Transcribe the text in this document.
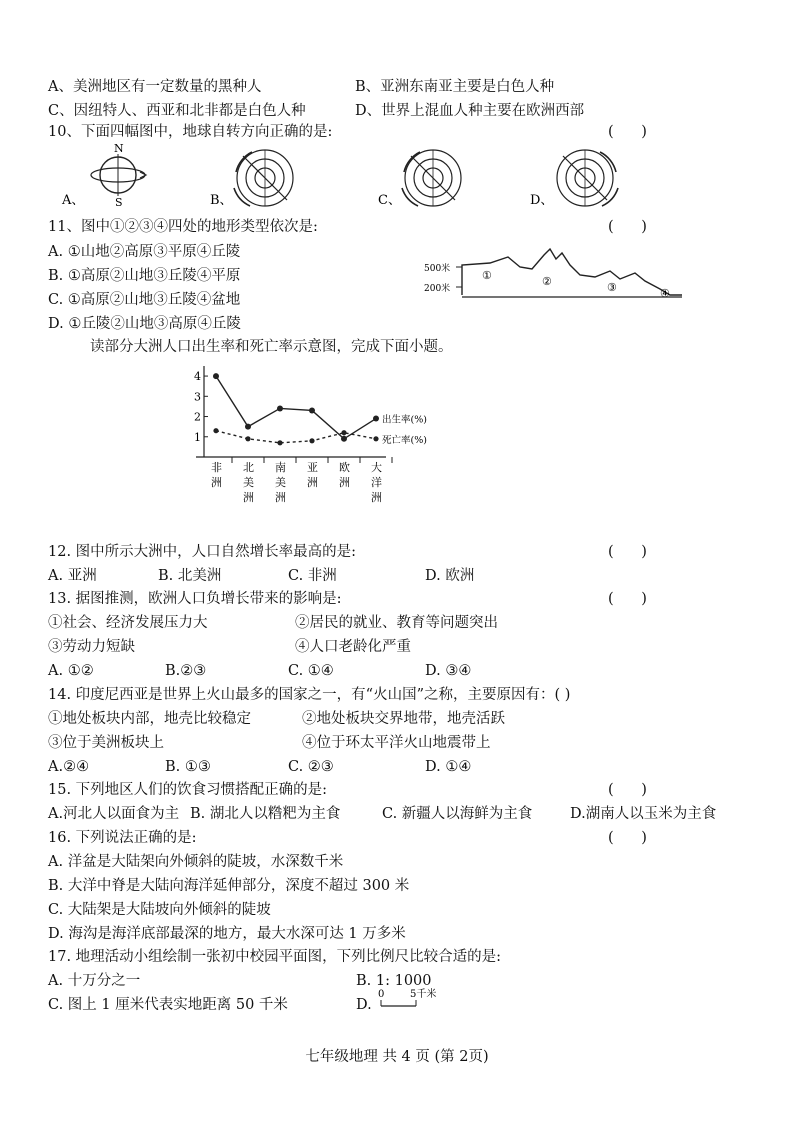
A、美洲地区有一定数量的黑种人	B、亚洲东南亚主要是白色人种
C、因纽特人、西亚和北非都是白色人种	D、世界上混血人种主要在欧洲西部
10、下面四幅图中，地球自转方向正确的是:	(      )
A、
N
S	B、	C、	D、
11、图中①②③④四处的地形类型依次是:	(      )
A. ①山地②高原③平原④丘陵
B. ①高原②山地③丘陵④平原
C. ①高原②山地③丘陵④盆地
D. ①丘陵②山地③高原④丘陵
500米
200米
①	②	③	④
读部分大洲人口出生率和死亡率示意图，完成下面小题。
1
2
3
4
非
洲
北
美
洲
南
美
洲
亚
洲
欧
洲
大
洋
洲
出生率(%)
死亡率(%)
12. 图中所示大洲中，人口自然增长率最高的是:	(      )
A. 亚洲	B. 北美洲	C. 非洲	D. 欧洲
13. 据图推测，欧洲人口负增长带来的影响是:	(      )
①社会、经济发展压力大	②居民的就业、教育等问题突出
③劳动力短缺	④人口老龄化严重
A. ①②	B.②③	C. ①④	D. ③④
14. 印度尼西亚是世界上火山最多的国家之一，有“火山国”之称，主要原因有：( )
①地处板块内部，地壳比较稳定	②地处板块交界地带，地壳活跃
③位于美洲板块上	④位于环太平洋火山地震带上
A.②④	B. ①③	C. ②③	D. ①④
15. 下列地区人们的饮食习惯搭配正确的是:	(      )
A.河北人以面食为主 B. 湖北人以糌粑为主食	C. 新疆人以海鲜为主食	D.湖南人以玉米为主食
16. 下列说法正确的是:	(      )
A. 洋盆是大陆架向外倾斜的陡坡，水深数千米
B. 大洋中脊是大陆向海洋延伸部分，深度不超过 300 米
C. 大陆架是大陆坡向外倾斜的陡坡
D. 海沟是海洋底部最深的地方，最大水深可达 1 万多米
17. 地理活动小组绘制一张初中校园平面图，下列比例尺比较合适的是:
A. 十万分之一	B. 1: 1000
C. 图上 1 厘米代表实地距离 50 千米	D.
0	5千米
七年级地理 共 4 页 (第 2页)
